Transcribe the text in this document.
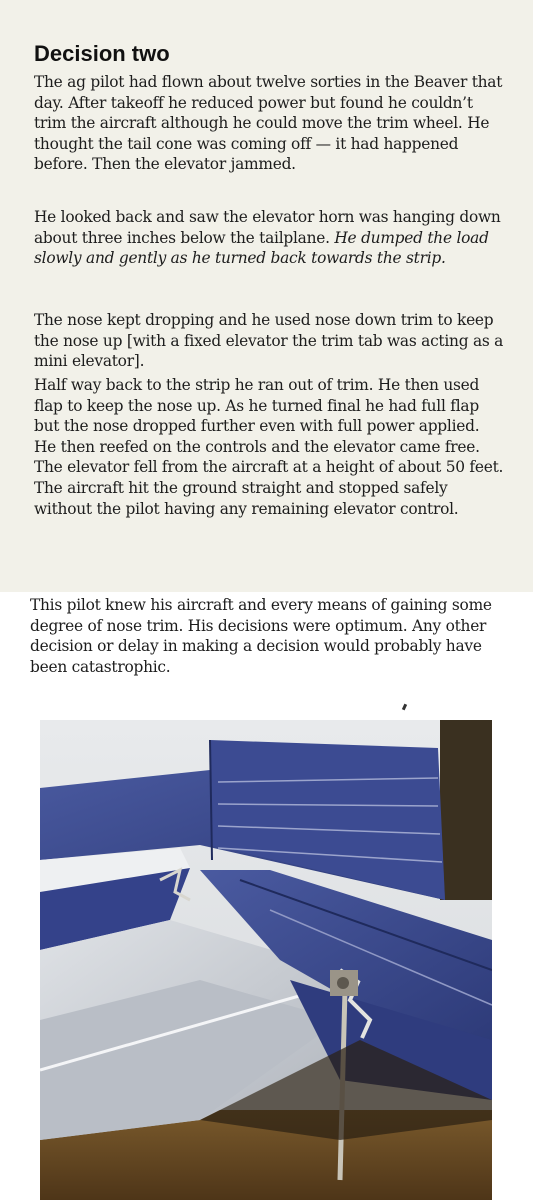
Decision two

The ag pilot had flown about twelve sorties in the Beaver that day. After takeoff he reduced power but found he couldn’t trim the aircraft although he could move the trim wheel. He thought the tail cone was coming off — it had happened before. Then the elevator jammed.

He looked back and saw the elevator horn was hanging down about three inches below the tailplane. He dumped the load slowly and gently as he turned back towards the strip.

The nose kept dropping and he used nose down trim to keep the nose up [with a fixed elevator the trim tab was acting as a mini elevator].

Half way back to the strip he ran out of trim. He then used flap to keep the nose up. As he turned final he had full flap but the nose dropped further even with full power applied. He then reefed on the controls and the elevator came free. The elevator fell from the aircraft at a height of about 50 feet. The aircraft hit the ground straight and stopped safely without the pilot having any remaining elevator control.

This pilot knew his aircraft and every means of gaining some degree of nose trim. His decisions were optimum. Any other decision or delay in making a decision would probably have been catastrophic.
